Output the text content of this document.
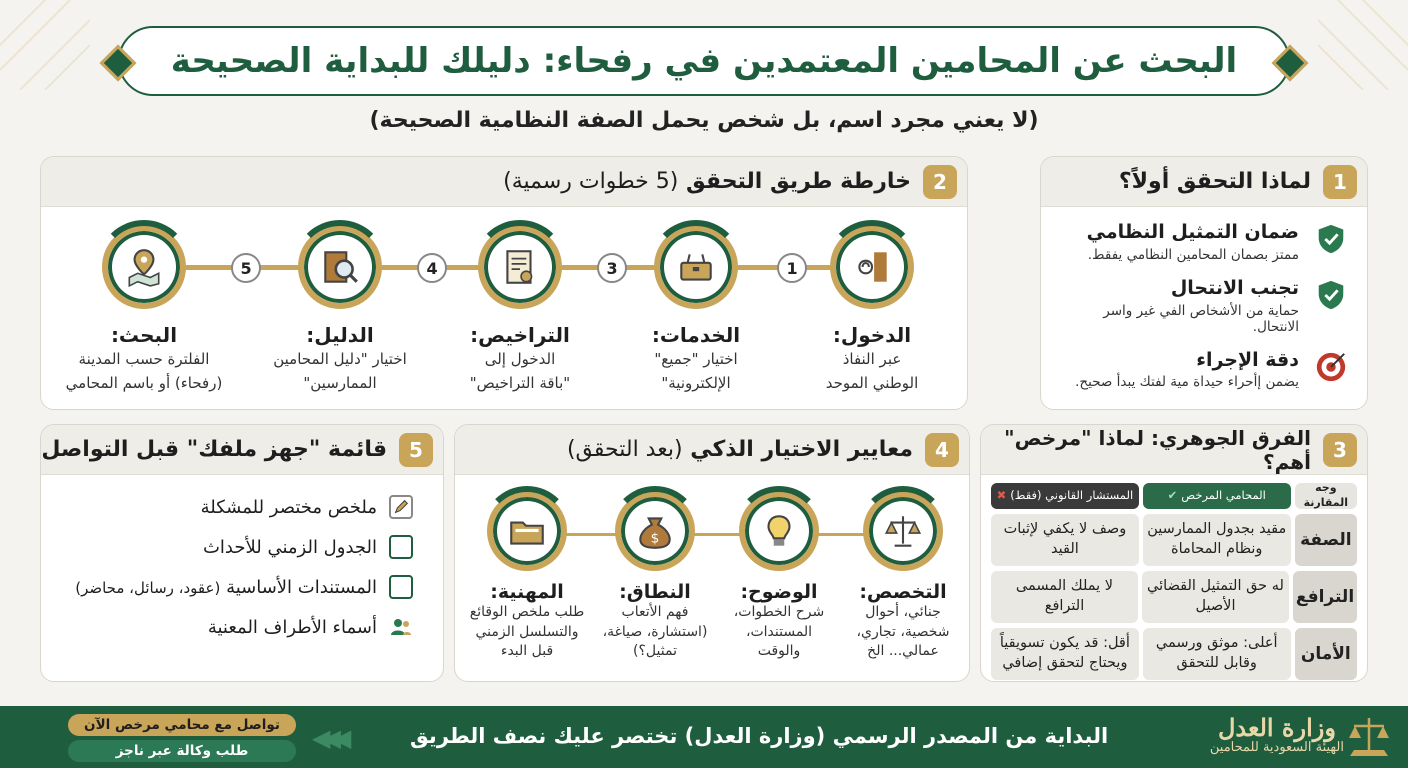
البحث عن المحامين المعتمدين في رفحاء: دليلك للبداية الصحيحة
(لا يعني مجرد اسم، بل شخص يحمل الصفة النظامية الصحيحة)
1
لماذا التحقق أولاً؟
ضمان التمثيل النظامي

ممتز بصمان المحامين النظامي يفقط.

تجنب الانتحال

حماية من الأشخاص الفي غير واسر الانتحال.

دقة الإجراء

يضمن إأحراء حيداة مية لفتك يبدأ صحيح.

2
خارطة طريق التحقق (5 خطوات رسمية)
الدخول:
عبر النفاذ
الوطني الموحد
1
الخدمات:
اختيار "جميع"
الإلكترونية"
3
التراخيص:
الدخول إلى
"باقة التراخيص"
4
الدليل:
اختيار "دليل المحامين
الممارسين"
5
البحث:
الفلترة حسب المدينة
(رفحاء) أو باسم المحامي
3
الفرق الجوهري: لماذا "مرخص" أهم؟
وجه المقارنة
المحامي المرخص
✔
المستشار القانوني (فقط)
✖
الصفة
مقيد بجدول الممارسين ونظام المحاماة
وصف لا يكفي لإثبات القيد
الترافع
له حق التمثيل القضائي الأصيل
لا يملك المسمى الترافع
الأمان
أعلى: موثق ورسمي وقابل للتحقق
أقل: قد يكون تسويقياً ويحتاج لتحقق إضافي
4
معايير الاختيار الذكي (بعد التحقق)
التخصص:
جنائي، أحوال
شخصية، تجاري،
عمالي... الخ
الوضوح:
شرح الخطوات،
المستندات،
والوقت
$
النطاق:
فهم الأتعاب
(استشارة، صياغة،
تمثيل؟)
المهنية:
طلب ملخص الوقائع
والتسلسل الزمني
قبل البدء
5
قائمة "جهز ملفك" قبل التواصل
ملخص مختصر للمشكلة
الجدول الزمني للأحداث
المستندات الأساسية (عقود، رسائل، محاضر)
أسماء الأطراف المعنية
وزارة العدل
الهيئة السعودية للمحامين
البداية من المصدر الرسمي (وزارة العدل) تختصر عليك نصف الطريق
◀◀◀
تواصل مع محامي مرخص الآن
طلب وكالة عبر ناجز
